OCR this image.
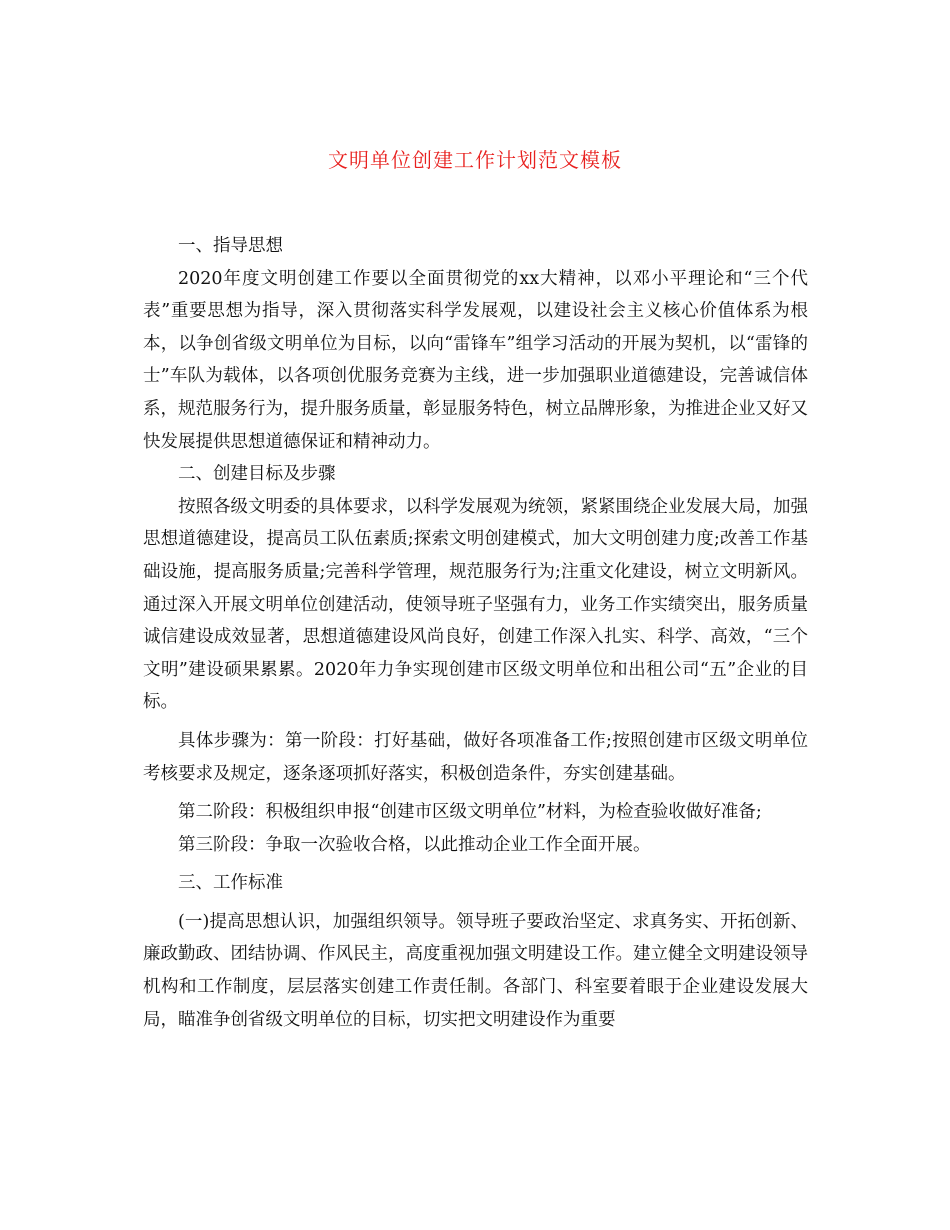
文明单位创建工作计划范文模板

一、指导思想

2020年度文明创建工作要以全面贯彻党的xx大精神，以邓小平理论和“三个代表”重要思想为指导，深入贯彻落实科学发展观，以建设社会主义核心价值体系为根本，以争创省级文明单位为目标，以向“雷锋车”组学习活动的开展为契机，以“雷锋的士”车队为载体，以各项创优服务竞赛为主线，进一步加强职业道德建设，完善诚信体系，规范服务行为，提升服务质量，彰显服务特色，树立品牌形象，为推进企业又好又快发展提供思想道德保证和精神动力。

二、创建目标及步骤

按照各级文明委的具体要求，以科学发展观为统领，紧紧围绕企业发展大局，加强思想道德建设，提高员工队伍素质;探索文明创建模式，加大文明创建力度;改善工作基础设施，提高服务质量;完善科学管理，规范服务行为;注重文化建设，树立文明新风。通过深入开展文明单位创建活动，使领导班子坚强有力，业务工作实绩突出，服务质量诚信建设成效显著，思想道德建设风尚良好，创建工作深入扎实、科学、高效，“三个文明”建设硕果累累。2020年力争实现创建市区级文明单位和出租公司“五”企业的目标。

具体步骤为：第一阶段：打好基础，做好各项准备工作;按照创建市区级文明单位考核要求及规定，逐条逐项抓好落实，积极创造条件，夯实创建基础。

第二阶段：积极组织申报“创建市区级文明单位”材料，为检查验收做好准备;

第三阶段：争取一次验收合格，以此推动企业工作全面开展。

三、工作标准

(一)提高思想认识，加强组织领导。领导班子要政治坚定、求真务实、开拓创新、廉政勤政、团结协调、作风民主，高度重视加强文明建设工作。建立健全文明建设领导机构和工作制度，层层落实创建工作责任制。各部门、科室要着眼于企业建设发展大局，瞄准争创省级文明单位的目标，切实把文明建设作为重要
